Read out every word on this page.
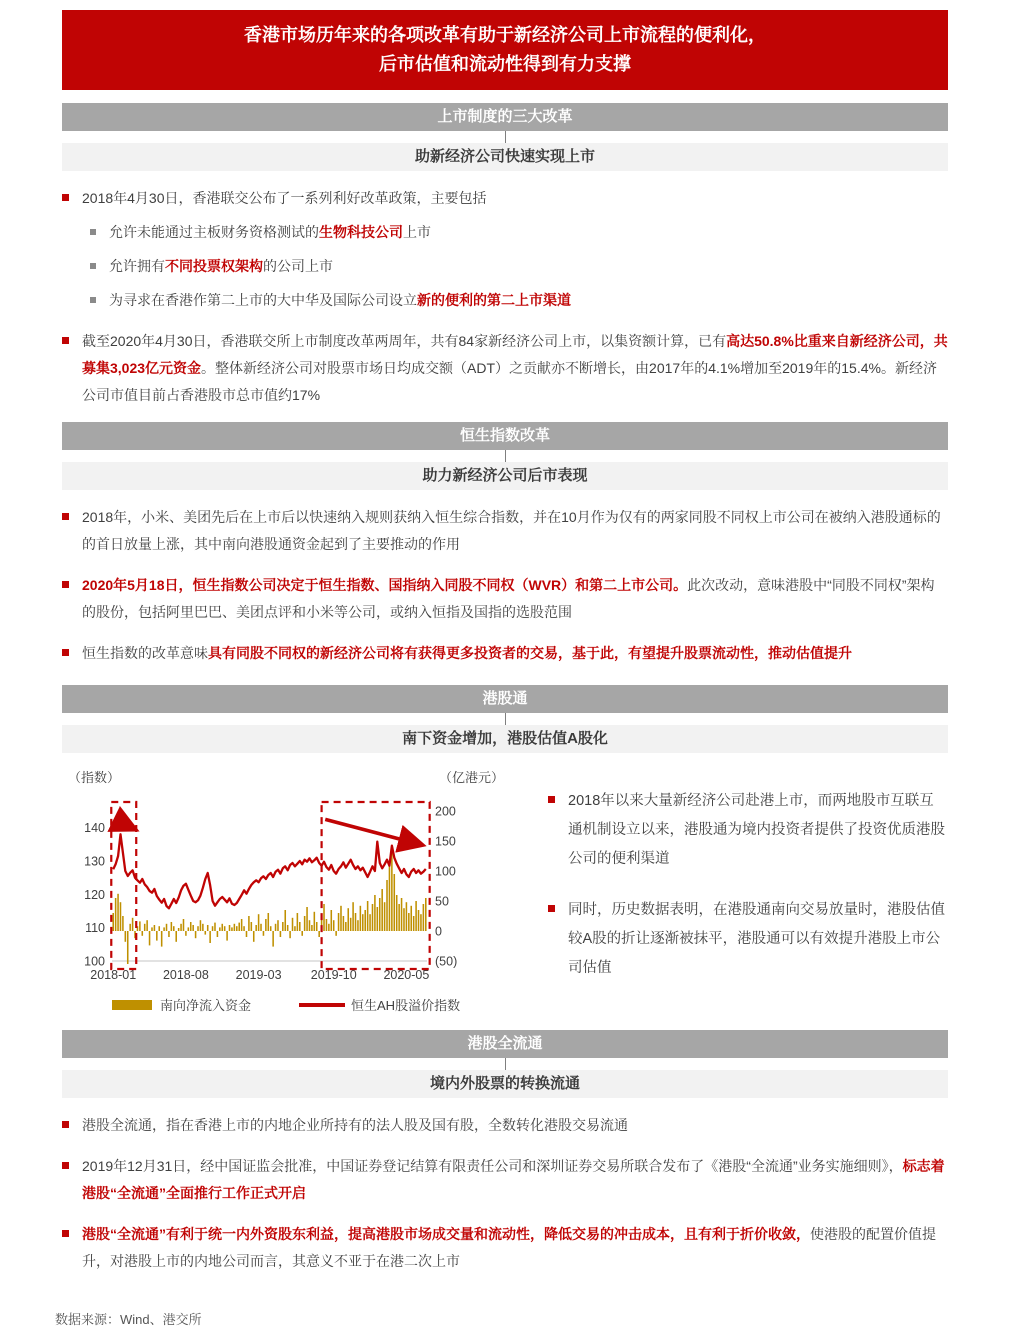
香港市场历年来的各项改革有助于新经济公司上市流程的便利化，
后市估值和流动性得到有力支撑
上市制度的三大改革
助新经济公司快速实现上市

2018年4月30日，香港联交公布了一系列利好改革政策，主要包括

允许未能通过主板财务资格测试的生物科技公司上市

允许拥有不同投票权架构的公司上市

为寻求在香港作第二上市的大中华及国际公司设立新的便利的第二上市渠道

截至2020年4月30日，香港联交所上市制度改革两周年，共有84家新经济公司上市，以集资额计算，已有高达50.8%比重来自新经济公司，共募集3,023亿元资金。整体新经济公司对股票市场日均成交额（ADT）之贡献亦不断增长，由2017年的4.1%增加至2019年的15.4%。新经济公司市值目前占香港股市总市值约17%

恒生指数改革
助力新经济公司后市表现

2018年，小米、美团先后在上市后以快速纳入规则获纳入恒生综合指数，并在10月作为仅有的两家同股不同权上市公司在被纳入港股通标的的首日放量上涨，其中南向港股通资金起到了主要推动的作用

2020年5月18日，恒生指数公司决定于恒生指数、国指纳入同股不同权（WVR）和第二上市公司。此次改动，意味港股中“同股不同权”架构的股份，包括阿里巴巴、美团点评和小米等公司，或纳入恒指及国指的选股范围

恒生指数的改革意味具有同股不同权的新经济公司将有获得更多投资者的交易，基于此，有望提升股票流动性，推动估值提升

港股通
南下资金增加，港股估值A股化
（指数）	（亿港元）
100
110
120
130
140
(50)
0
50
100
150
200
2018-01 2018-08 2019-03 2019-10 2020-05
南向净流入资金	恒生AH股溢价指数

2018年以来大量新经济公司赴港上市，而两地股市互联互通机制设立以来，港股通为境内投资者提供了投资优质港股公司的便利渠道

同时，历史数据表明，在港股通南向交易放量时，港股估值较A股的折让逐渐被抹平，港股通可以有效提升港股上市公司估值

港股全流通
境内外股票的转换流通

港股全流通，指在香港上市的内地企业所持有的法人股及国有股，全数转化港股交易流通

2019年12月31日，经中国证监会批准，中国证券登记结算有限责任公司和深圳证券交易所联合发布了《港股“全流通”业务实施细则》，标志着港股“全流通”全面推行工作正式开启

港股“全流通”有利于统一内外资股东利益，提高港股市场成交量和流动性，降低交易的冲击成本，且有利于折价收敛，使港股的配置价值提升，对港股上市的内地公司而言，其意义不亚于在港二次上市

数据来源：Wind、港交所
